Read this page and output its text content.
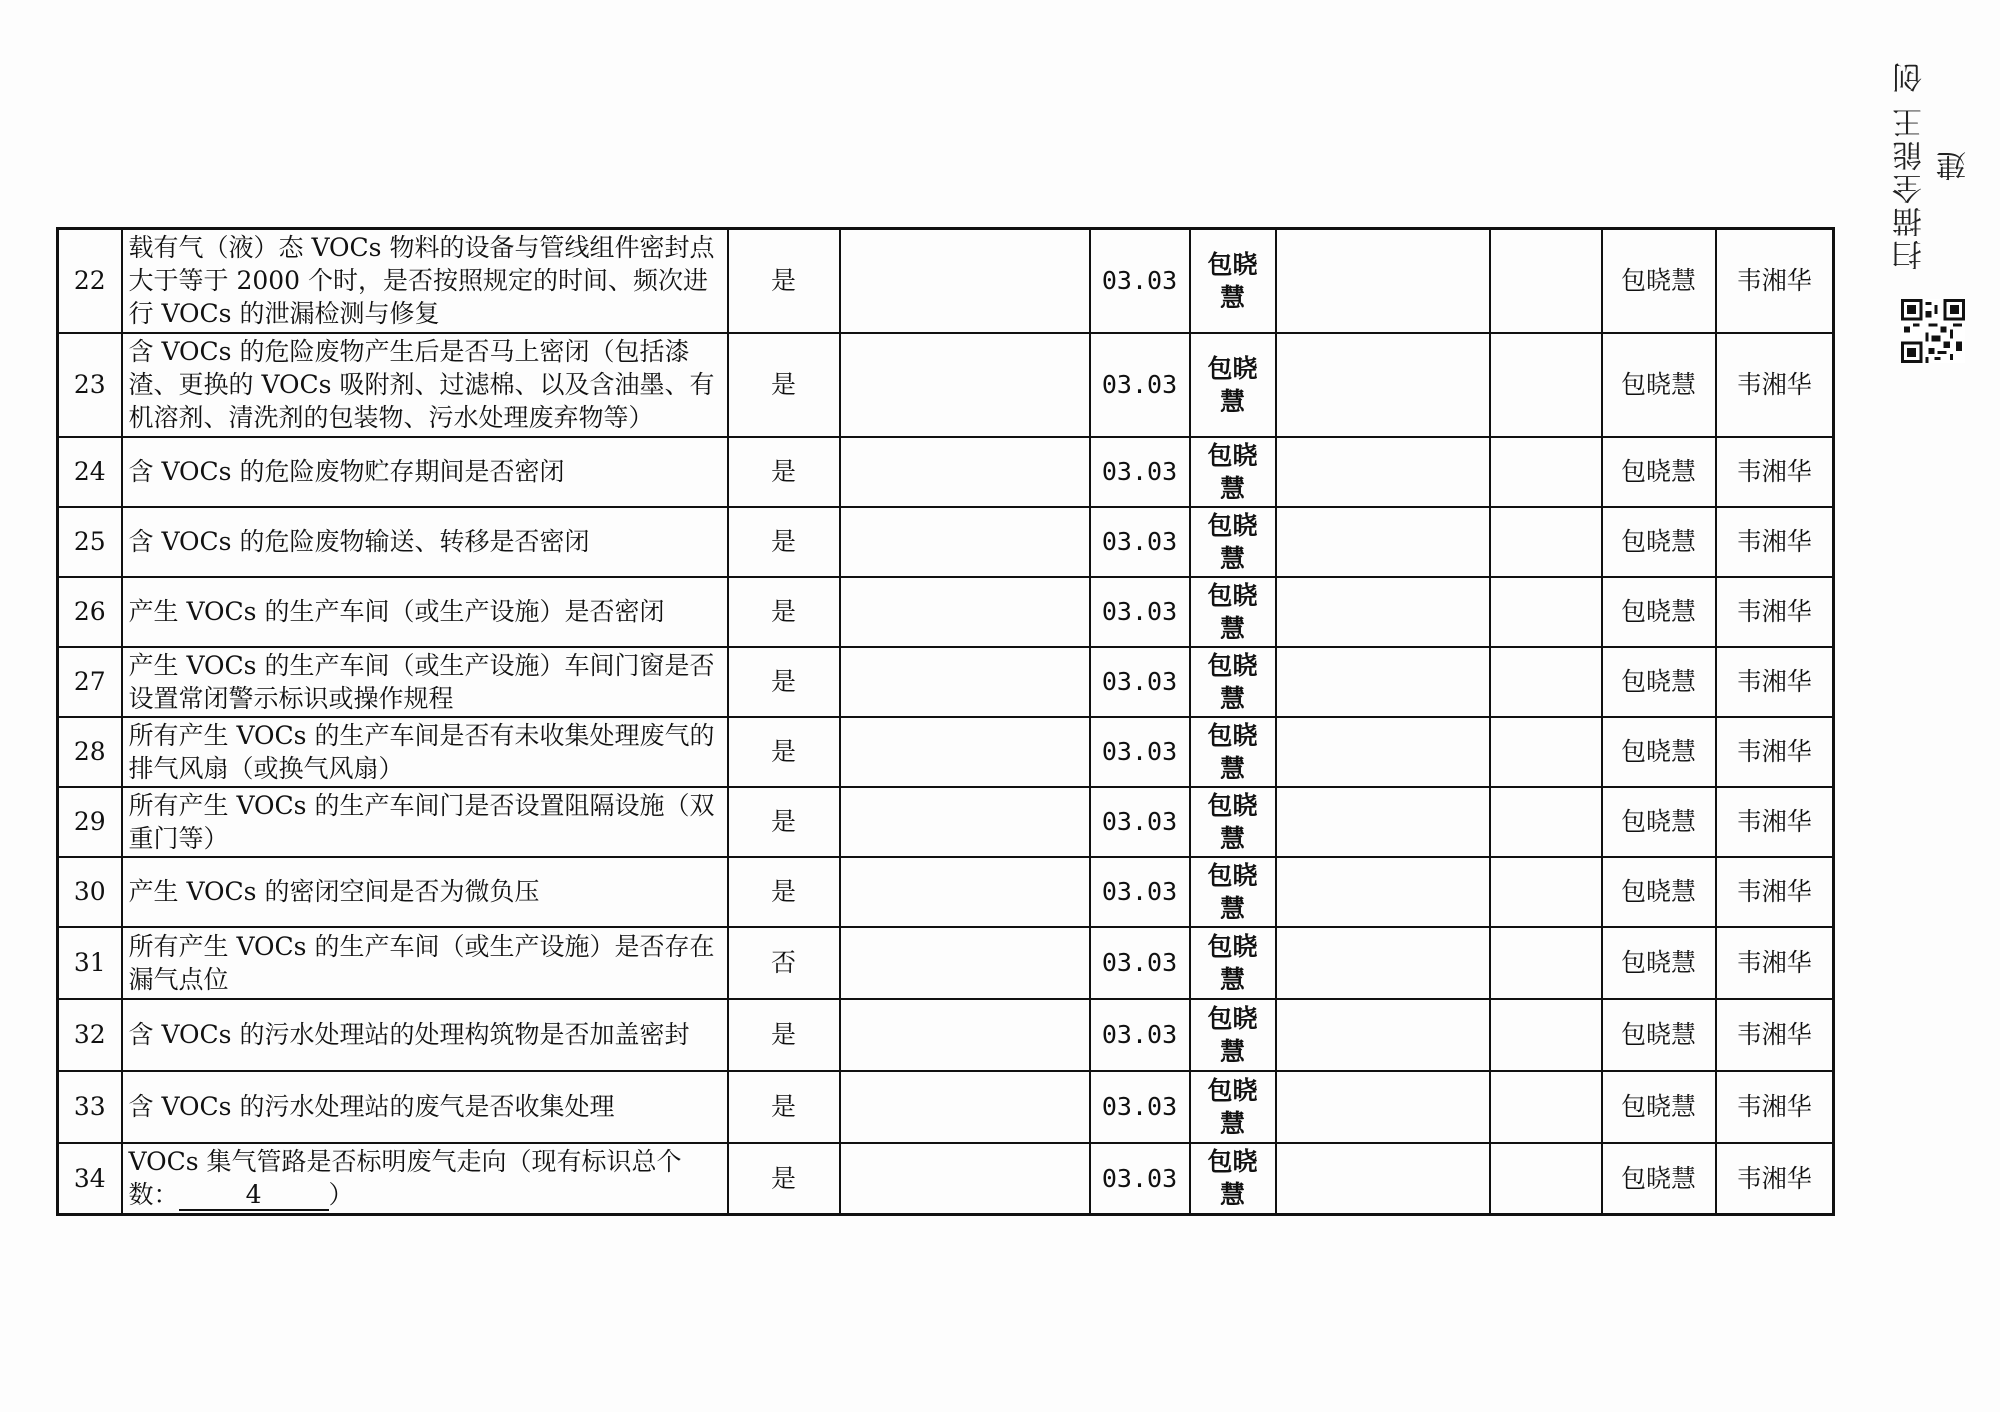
22	载有气（液）态 VOCs 物料的设备与管线组件密封点大于等于 2000 个时，是否按照规定的时间、频次进行 VOCs 的泄漏检测与修复	是		03.03	包晓慧			包晓慧	韦湘华
23	含 VOCs 的危险废物产生后是否马上密闭（包括漆渣、更换的 VOCs 吸附剂、过滤棉、以及含油墨、有机溶剂、清洗剂的包装物、污水处理废弃物等）	是		03.03	包晓慧			包晓慧	韦湘华
24	含 VOCs 的危险废物贮存期间是否密闭	是		03.03	包晓慧			包晓慧	韦湘华
25	含 VOCs 的危险废物输送、转移是否密闭	是		03.03	包晓慧			包晓慧	韦湘华
26	产生 VOCs 的生产车间（或生产设施）是否密闭	是		03.03	包晓慧			包晓慧	韦湘华
27	产生 VOCs 的生产车间（或生产设施）车间门窗是否设置常闭警示标识或操作规程	是		03.03	包晓慧			包晓慧	韦湘华
28	所有产生 VOCs 的生产车间是否有未收集处理废气的排气风扇（或换气风扇）	是		03.03	包晓慧			包晓慧	韦湘华
29	所有产生 VOCs 的生产车间门是否设置阻隔设施（双重门等）	是		03.03	包晓慧			包晓慧	韦湘华
30	产生 VOCs 的密闭空间是否为微负压	是		03.03	包晓慧			包晓慧	韦湘华
31	所有产生 VOCs 的生产车间（或生产设施）是否存在漏气点位	否		03.03	包晓慧			包晓慧	韦湘华
32	含 VOCs 的污水处理站的处理构筑物是否加盖密封	是		03.03	包晓慧			包晓慧	韦湘华
33	含 VOCs 的污水处理站的废气是否收集处理	是		03.03	包晓慧			包晓慧	韦湘华
34	VOCs 集气管路是否标明废气走向（现有标识总个数： 4 ）	是		03.03	包晓慧			包晓慧	韦湘华
扫描全能王 创建
